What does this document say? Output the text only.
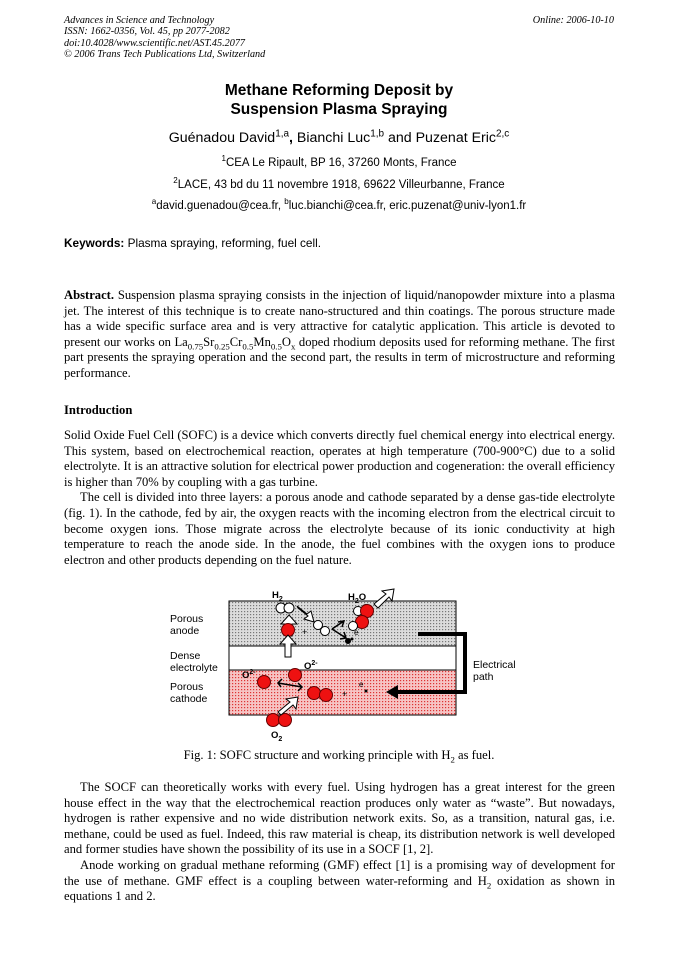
Advances in Science and Technology
ISSN: 1662-0356, Vol. 45, pp 2077-2082
doi:10.4028/www.scientific.net/AST.45.2077
© 2006 Trans Tech Publications Ltd, Switzerland
Online: 2006-10-10
Methane Reforming Deposit by
Suspension Plasma Spraying
Guénadou David$^{1,a}$, Bianchi Luc$^{1,b}$ and Puzenat Eric$^{2,c}$
$^1$CEA Le Ripault, BP 16, 37260 Monts, France
$^2$LACE, 43 bd du 11 novembre 1918, 69622 Villeurbanne, France
$^a$david.guenadou@cea.fr, $^b$luc.bianchi@cea.fr, eric.puzenat@univ-lyon1.fr
Keywords: Plasma spraying, reforming, fuel cell.

Abstract. Suspension plasma spraying consists in the injection of liquid/nanopowder mixture into a plasma jet. The interest of this technique is to create nano-structured and thin coatings. The porous structure made has a wide specific surface area and is very attractive for catalytic application. This article is devoted to present our works on $La_{0.75}Sr_{0.25}Cr_{0.5}Mn_{0.5}O_x$ doped rhodium deposits used for reforming methane. The first part presents the spraying operation and the second part, the results in term of microstructure and reforming performance.

Introduction

Solid Oxide Fuel Cell (SOFC) is a device which converts directly fuel chemical energy into electrical energy. This system, based on electrochemical reaction, operates at high temperature (700-900°C) due to a solid electrolyte. It is an attractive solution for electrical power production and cogeneration: the overall efficiency is higher than 70% by coupling with a gas turbine.

The cell is divided into three layers: a porous anode and cathode separated by a dense gas-tide electrolyte (fig. 1). In the cathode, fed by air, the oxygen reacts with the incoming electron from the electrical circuit to become oxygen ions. Those migrate across the electrolyte because of its ionic conductivity at high temperature to reach the anode side. In the anode, the fuel combines with the oxygen ions to produce electron and other products depending on the fuel nature.

Porous
anode
Dense
electrolyte
Porous
cathode
Electrical
path
$H_2$	$H_2O$
$O_2$
$O^{2-}$
$O^{2-}$
+
+
e
e
Fig. 1: SOFC structure and working principle with $H_2$ as fuel.

The SOCF can theoretically works with every fuel. Using hydrogen has a great interest for the green house effect in the way that the electrochemical reaction produces only water as “waste”. But nowadays, hydrogen is rather expensive and no wide distribution network exits. So, as a transition, natural gas, i.e. methane, could be used as fuel. Indeed, this raw material is cheap, its distribution network is well developed and former studies have shown the possibility of its use in a SOCF [1, 2].

Anode working on gradual methane reforming (GMF) effect [1] is a promising way of development for the use of methane. GMF effect is a coupling between water-reforming and $H_2$ oxidation as shown in equations 1 and 2.
